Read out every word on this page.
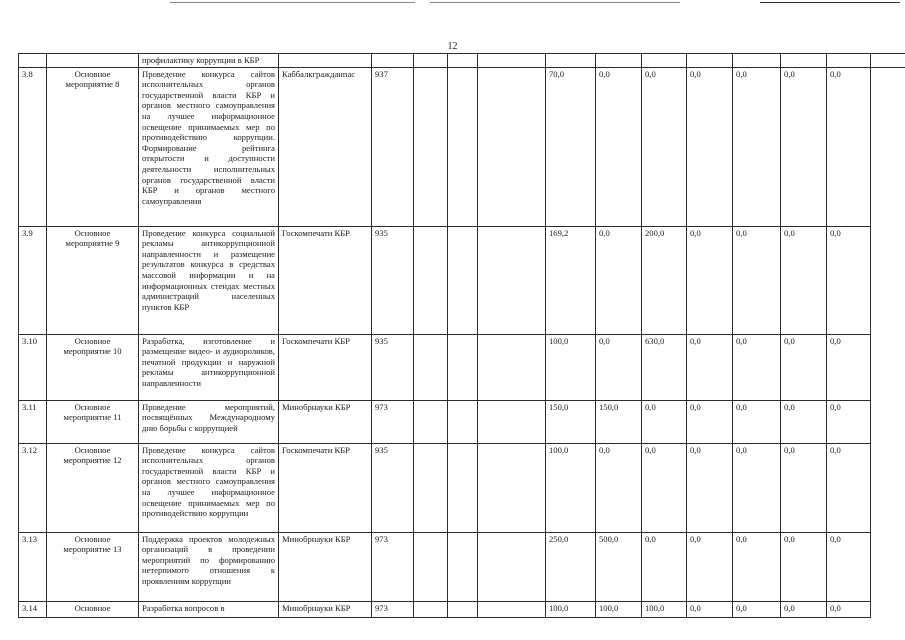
12
		профилактику коррупции в КБР													
3.8	Основное мероприятие 8	Проведение конкурса сайтов исполнительных органов государственной власти КБР и органов местного самоуправления на лучшее информационное освещение принимаемых мер по противодействию коррупции. Формирование рейтинга открытости и доступности деятельности исполнительных органов государственной власти КБР и органов местного самоуправления	Каббалкгражданпас	937				70,0	0,0	0,0	0,0	0,0	0,0	0,0	
3.9	Основное мероприятие 9	Проведение конкурса социальной рекламы антикоррупционной направленности и размещение результатов конкурса в средствах массовой информации и на информационных стендах местных администраций населенных пунктов КБР	Госкомпечати КБР	935				169,2	0,0	200,0	0,0	0,0	0,0	0,0	
3.10	Основное мероприятие 10	Разработка, изготовление и размещение видео- и аудиороликов, печатной продукции и наружной рекламы антикоррупционной направленности	Госкомпечати КБР	935				100,0	0,0	630,0	0,0	0,0	0,0	0,0	
3.11	Основное мероприятие 11	Проведение мероприятий, посвящённых Международному дню борьбы с коррупцией	Минобрнауки КБР	973				150,0	150,0	0,0	0,0	0,0	0,0	0,0	
3.12	Основное мероприятие 12	Проведение конкурса сайтов исполнительных органов государственной власти КБР и органов местного самоуправления на лучшее информационное освещение принимаемых мер по противодействию коррупции	Госкомпечати КБР	935				100,0	0,0	0,0	0,0	0,0	0,0	0,0	
3.13	Основное мероприятие 13	Поддержка проектов молодежных организаций в проведении мероприятий по формированию нетерпимого отношения к проявлениям коррупции	Минобрнауки КБР	973				250,0	500,0	0,0	0,0	0,0	0,0	0,0	
3.14	Основное	Разработка вопросов в	Минобрнауки КБР	973				100,0	100,0	100,0	0,0	0,0	0,0	0,0	
